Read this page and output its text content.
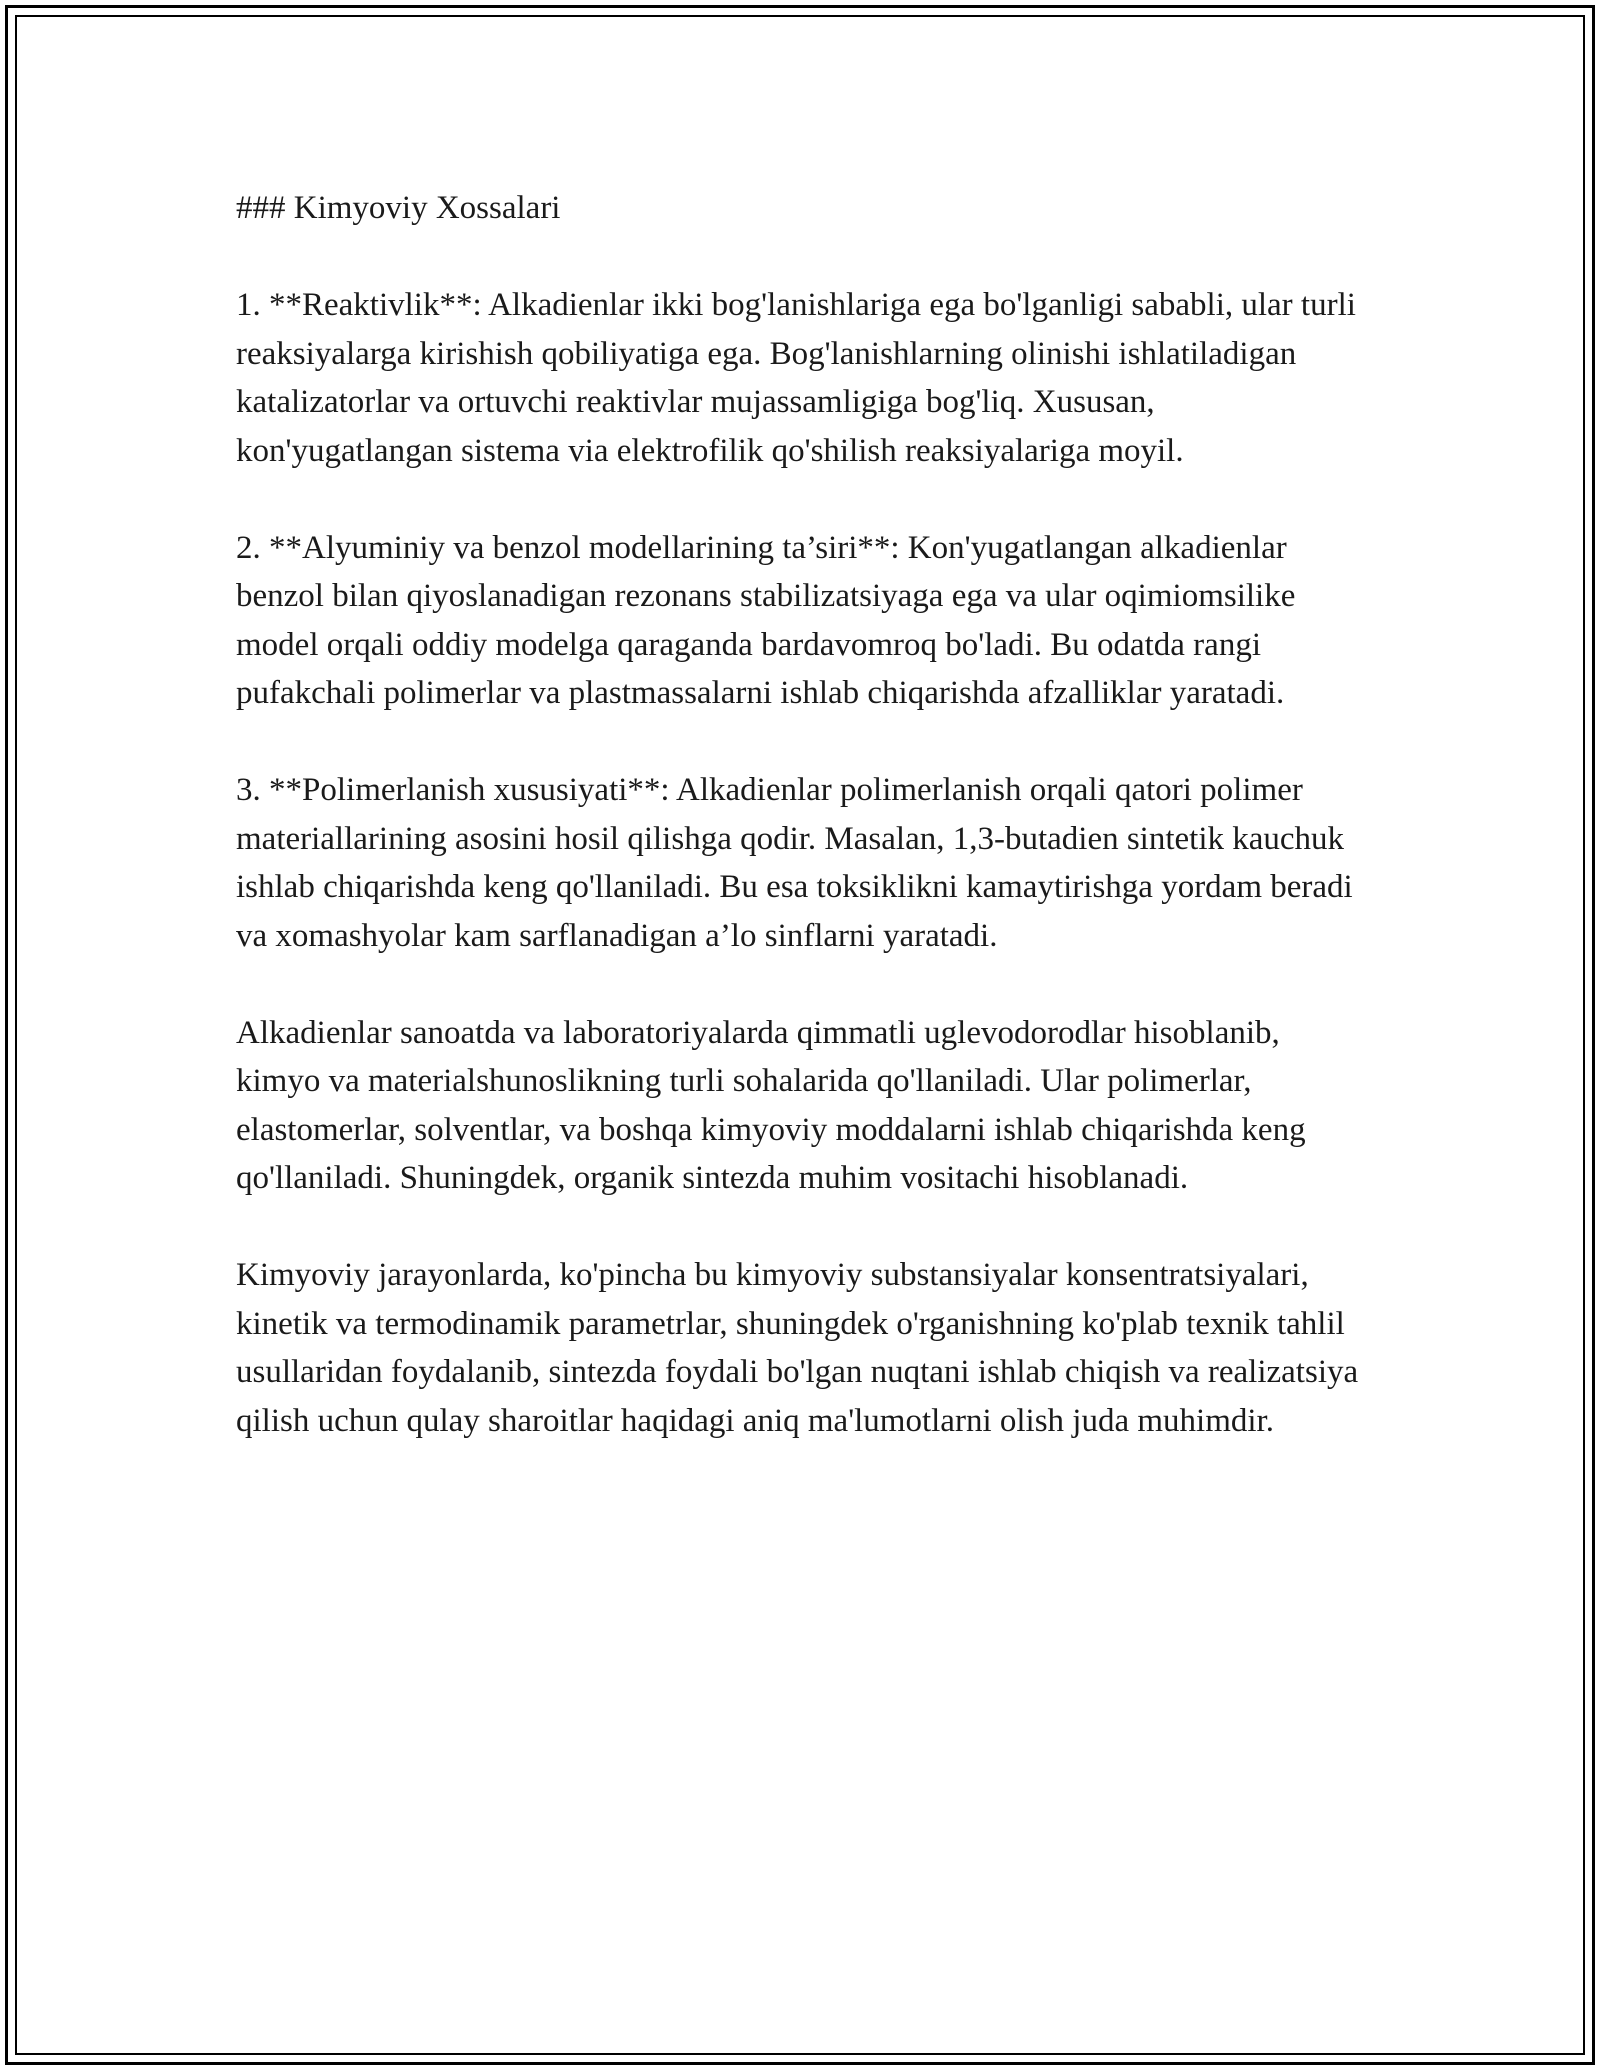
### Kimyoviy Xossalari

1. **Reaktivlik**: Alkadienlar ikki bog'lanishlariga ega bo'lganligi sababli, ular turli reaksiyalarga kirishish qobiliyatiga ega. Bog'lanishlarning olinishi ishlatiladigan katalizatorlar va ortuvchi reaktivlar mujassamligiga bog'liq. Xususan, kon'yugatlangan sistema via elektrofilik qo'shilish reaksiyalariga moyil.

2. **Alyuminiy va benzol modellarining ta’siri**: Kon'yugatlangan alkadienlar benzol bilan qiyoslanadigan rezonans stabilizatsiyaga ega va ular oqimiomsilike model orqali oddiy modelga qaraganda bardavomroq bo'ladi. Bu odatda rangi pufakchali polimerlar va plastmassalarni ishlab chiqarishda afzalliklar yaratadi.

3. **Polimerlanish xususiyati**: Alkadienlar polimerlanish orqali qatori polimer materiallarining asosini hosil qilishga qodir. Masalan, 1,3-butadien sintetik kauchuk ishlab chiqarishda keng qo'llaniladi. Bu esa toksiklikni kamaytirishga yordam beradi va xomashyolar kam sarflanadigan a’lo sinflarni yaratadi.

Alkadienlar sanoatda va laboratoriyalarda qimmatli uglevodorodlar hisoblanib, kimyo va materialshunoslikning turli sohalarida qo'llaniladi. Ular polimerlar, elastomerlar, solventlar, va boshqa kimyoviy moddalarni ishlab chiqarishda keng qo'llaniladi. Shuningdek, organik sintezda muhim vositachi hisoblanadi.

Kimyoviy jarayonlarda, ko'pincha bu kimyoviy substansiyalar konsentratsiyalari, kinetik va termodinamik parametrlar, shuningdek o'rganishning ko'plab texnik tahlil usullaridan foydalanib, sintezda foydali bo'lgan nuqtani ishlab chiqish va realizatsiya qilish uchun qulay sharoitlar haqidagi aniq ma'lumotlarni olish juda muhimdir.
